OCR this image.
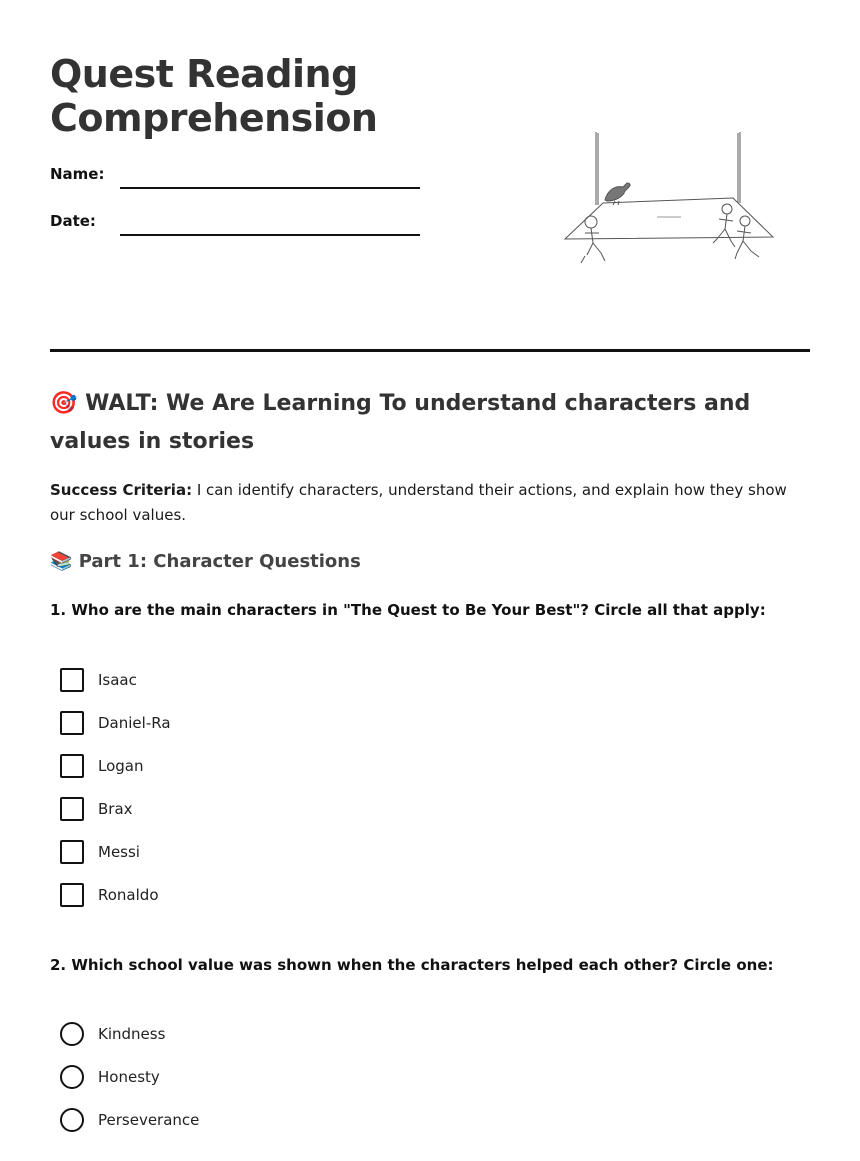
Quest Reading
Comprehension
Name:
Date:
🎯 WALT: We Are Learning To understand characters and values in stories

Success Criteria: I can identify characters, understand their actions, and explain how they show our school values.

📚 Part 1: Character Questions

1. Who are the main characters in "The Quest to Be Your Best"? Circle all that apply:

Isaac
Daniel-Ra
Logan
Brax
Messi
Ronaldo

2. Which school value was shown when the characters helped each other? Circle one:

Kindness
Honesty
Perseverance
